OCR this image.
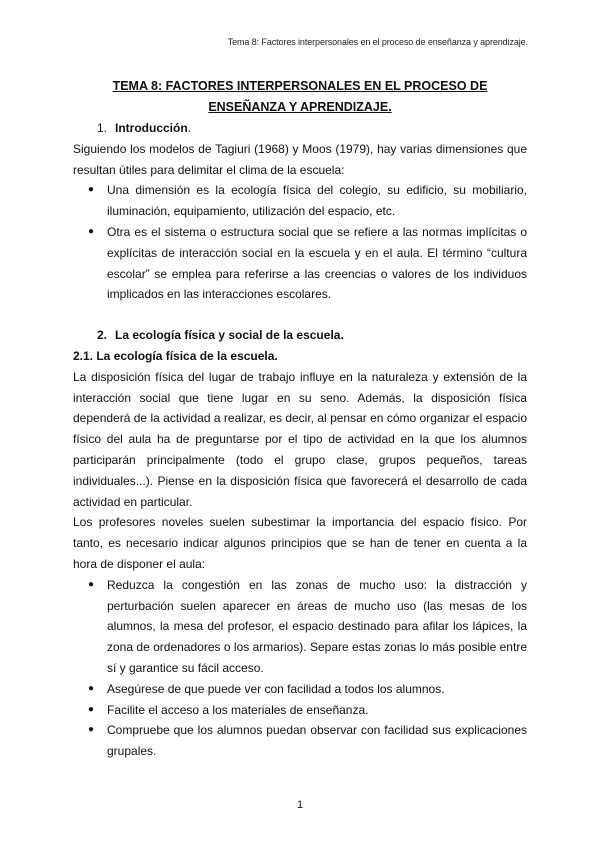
Tema 8: Factores interpersonales en el proceso de enseñanza y aprendizaje.
TEMA 8: FACTORES INTERPERSONALES EN EL PROCESO DE ENSEÑANZA Y APRENDIZAJE.
1. Introducción.

Siguiendo los modelos de Tagiuri (1968) y Moos (1979), hay varias dimensiones que resultan útiles para delimitar el clima de la escuela:

● Una dimensión es la ecología física del colegio, su edificio, su mobiliario, iluminación, equipamiento, utilización del espacio, etc.
● Otra es el sistema o estructura social que se refiere a las normas implícitas o explícitas de interacción social en la escuela y en el aula. El término “cultura escolar” se emplea para referirse a las creencias o valores de los individuos implicados en las interacciones escolares.
2. La ecología física y social de la escuela.
2.1. La ecología física de la escuela.

La disposición física del lugar de trabajo influye en la naturaleza y extensión de la interacción social que tiene lugar en su seno. Además, la disposición física dependerá de la actividad a realizar, es decir, al pensar en cómo organizar el espacio físico del aula ha de preguntarse por el tipo de actividad en la que los alumnos participarán principalmente (todo el grupo clase, grupos pequeños, tareas individuales...). Piense en la disposición física que favorecerá el desarrollo de cada actividad en particular.

Los profesores noveles suelen subestimar la importancia del espacio físico. Por tanto, es necesario indicar algunos principios que se han de tener en cuenta a la hora de disponer el aula:

● Reduzca la congestión en las zonas de mucho uso: la distracción y perturbación suelen aparecer en áreas de mucho uso (las mesas de los alumnos, la mesa del profesor, el espacio destinado para afilar los lápices, la zona de ordenadores o los armarios). Separe estas zonas lo más posible entre sí y garantice su fácil acceso.
● Asegúrese de que puede ver con facilidad a todos los alumnos.
● Facilite el acceso a los materiales de enseñanza.
● Compruebe que los alumnos puedan observar con facilidad sus explicaciones grupales.
1
